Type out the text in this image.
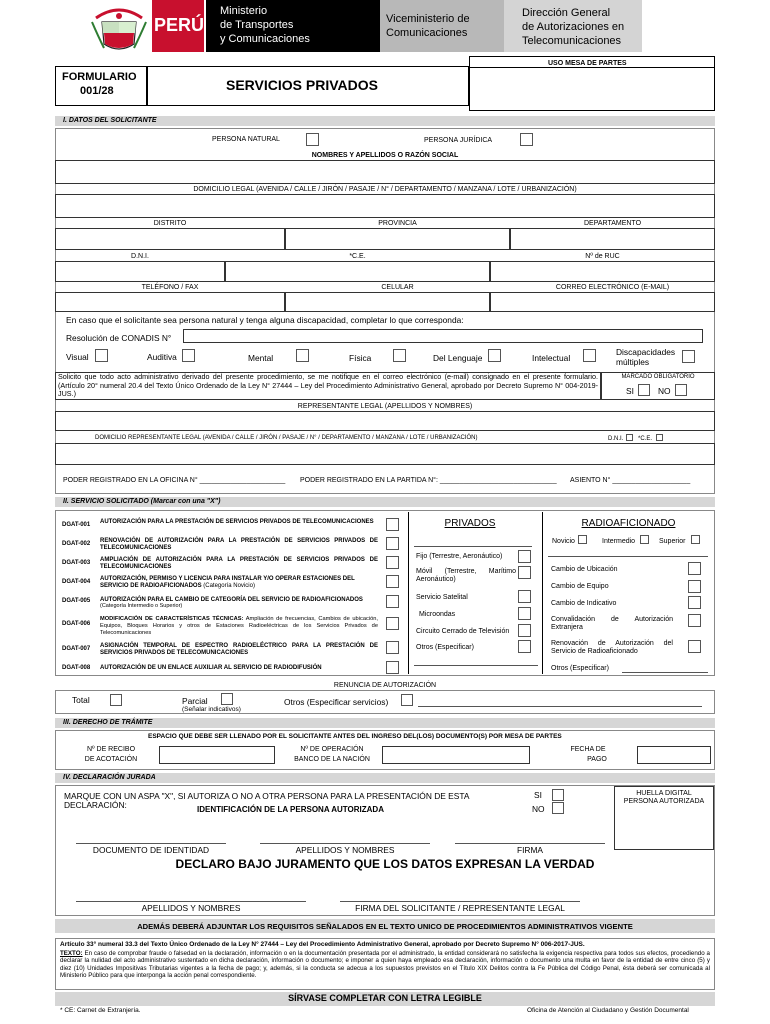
PERÚ
Ministerio
de Transportes
y Comunicaciones
Viceministerio de
Comunicaciones
Dirección General
de Autorizaciones en
Telecomunicaciones
FORMULARIO
001/28	SERVICIOS PRIVADOS
USO MESA DE PARTES
I. DATOS DEL SOLICITANTE
PERSONA NATURAL	PERSONA JURÍDICA
NOMBRES Y APELLIDOS O RAZÓN SOCIAL
DOMICILIO LEGAL (AVENIDA / CALLE / JIRÓN / PASAJE / N° / DEPARTAMENTO / MANZANA / LOTE / URBANIZACIÓN)
DISTRITO	PROVINCIA	DEPARTAMENTO
D.N.I.	*C.E.	Nº de RUC
TELÉFONO / FAX	CELULAR	CORREO ELECTRÓNICO (E-MAIL)
En caso que el solicitante sea persona natural y tenga alguna discapacidad, completar lo que corresponda:
Resolución de CONADIS N°
Visual	Auditiva	Mental	Física	Del Lenguaje	Intelectual
Discapacidades
múltiples
Solicito que todo acto administrativo derivado del presente procedimiento, se me notifique en el correo electrónico (e-mail) consignado en el presente formulario. (Artículo 20° numeral 20.4 del Texto Único Ordenado de la Ley N° 27444 – Ley del Procedimiento Administrativo General, aprobado por Decreto Supremo N° 004-2019-JUS.)
MARCADO OBLIGATORIO
SI	NO
REPRESENTANTE LEGAL (APELLIDOS Y NOMBRES)
DOMICILIO REPRESENTANTE LEGAL (AVENIDA / CALLE / JIRÓN / PASAJE / N° / DEPARTAMENTO / MANZANA / LOTE / URBANIZACIÓN)	D.N.I. *C.E.
PODER REGISTRADO EN LA OFICINA N° ______________________ PODER REGISTRADO EN LA PARTIDA N°: ______________________________ ASIENTO N° ____________________
II. SERVICIO SOLICITADO (Marcar con una "X")
DGAT-001 AUTORIZACIÓN PARA LA PRESTACIÓN DE SERVICIOS PRIVADOS DE TELECOMUNICACIONES
DGAT-002 RENOVACIÓN DE AUTORIZACIÓN PARA LA PRESTACIÓN DE SERVICIOS PRIVADOS DE TELECOMUNICACIONES
DGAT-003 AMPLIACIÓN DE AUTORIZACIÓN PARA LA PRESTACIÓN DE SERVICIOS PRIVADOS DE TELECOMUNICACIONES
DGAT-004 AUTORIZACIÓN, PERMISO Y LICENCIA PARA INSTALAR Y/O OPERAR ESTACIONES DEL SERVICIO DE RADIOAFICIONADOS (Categoría Novicio)
DGAT-005 AUTORIZACIÓN PARA EL CAMBIO DE CATEGORÍA DEL SERVICIO DE RADIOAFICIONADOS
(Categoría Intermedio o Superior)
DGAT-006
MODIFICACIÓN DE CARACTERÍSTICAS TÉCNICAS: Ampliación de frecuencias, Cambios de ubicación, Equipos, Bloques Horarios y otros de Estaciones Radioeléctricas de los Servicios Privados de Telecomunicaciones
DGAT-007 ASIGNACIÓN TEMPORAL DE ESPECTRO RADIOELÉCTRICO PARA LA PRESTACIÓN DE SERVICIOS PRIVADOS DE TELECOMUNICACIONES
DGAT-008 AUTORIZACIÓN DE UN ENLACE AUXILIAR AL SERVICIO DE RADIODIFUSIÓN
PRIVADOS
Fijo (Terrestre, Aeronáutico)
Móvil (Terrestre, Marítimo Aeronáutico)
Servicio Satelital
Microondas
Circuito Cerrado de Televisión
Otros (Especificar)
RADIOAFICIONADO
Novicio	Intermedio	Superior
Cambio de Ubicación
Cambio de Equipo
Cambio de Indicativo
Convalidación de Autorización Extranjera
Renovación de Autorización del Servicio de Radioaficionado
Otros (Especificar)
RENUNCIA DE AUTORIZACIÓN
Total	Parcial
(Señalar indicativos)
Otros (Especificar servicios)
III. DERECHO DE TRÁMITE
ESPACIO QUE DEBE SER LLENADO POR EL SOLICITANTE ANTES DEL INGRESO DEL(LOS) DOCUMENTO(S) POR MESA DE PARTES
Nº DE RECIBO
DE ACOTACIÓN
Nº DE OPERACIÓN
BANCO DE LA NACIÓN
FECHA DE
PAGO
IV. DECLARACIÓN JURADA
MARQUE CON UN ASPA "X", SI AUTORIZA O NO A OTRA PERSONA PARA LA PRESENTACIÓN DE ESTA
DECLARACIÓN:
SI
NO
IDENTIFICACIÓN DE LA PERSONA AUTORIZADA
HUELLA DIGITAL
PERSONA AUTORIZADA
DOCUMENTO DE IDENTIDAD	APELLIDOS Y NOMBRES	FIRMA
DECLARO BAJO JURAMENTO QUE LOS DATOS EXPRESAN LA VERDAD
APELLIDOS Y NOMBRES	FIRMA DEL SOLICITANTE / REPRESENTANTE LEGAL
ADEMÁS DEBERÁ ADJUNTAR LOS REQUISITOS SEÑALADOS EN EL TEXTO UNICO DE PROCEDIMIENTOS ADMINISTRATIVOS VIGENTE
Artículo 33° numeral 33.3 del Texto Único Ordenado de la Ley N° 27444 – Ley del Procedimiento Administrativo General, aprobado por Decreto Supremo N° 006-2017-JUS.
TEXTO: En caso de comprobar fraude o falsedad en la declaración, información o en la documentación presentada por el administrado, la entidad considerará no satisfecha la exigencia respectiva para todos sus efectos, procediendo a declarar la nulidad del acto administrativo sustentado en dicha declaración, información o documento; e imponer a quien haya empleado esa declaración, información o documento una multa en favor de la entidad de entre cinco (5) y diez (10) Unidades Impositivas Tributarias vigentes a la fecha de pago; y, además, si la conducta se adecua a los supuestos previstos en el Título XIX Delitos contra la Fe Pública del Código Penal, ésta deberá ser comunicada al Ministerio Público para que interponga la acción penal correspondiente.
SÍRVASE COMPLETAR CON LETRA LEGIBLE
* CE: Carnet de Extranjería.	Oficina de Atención al Ciudadano y Gestión Documental
